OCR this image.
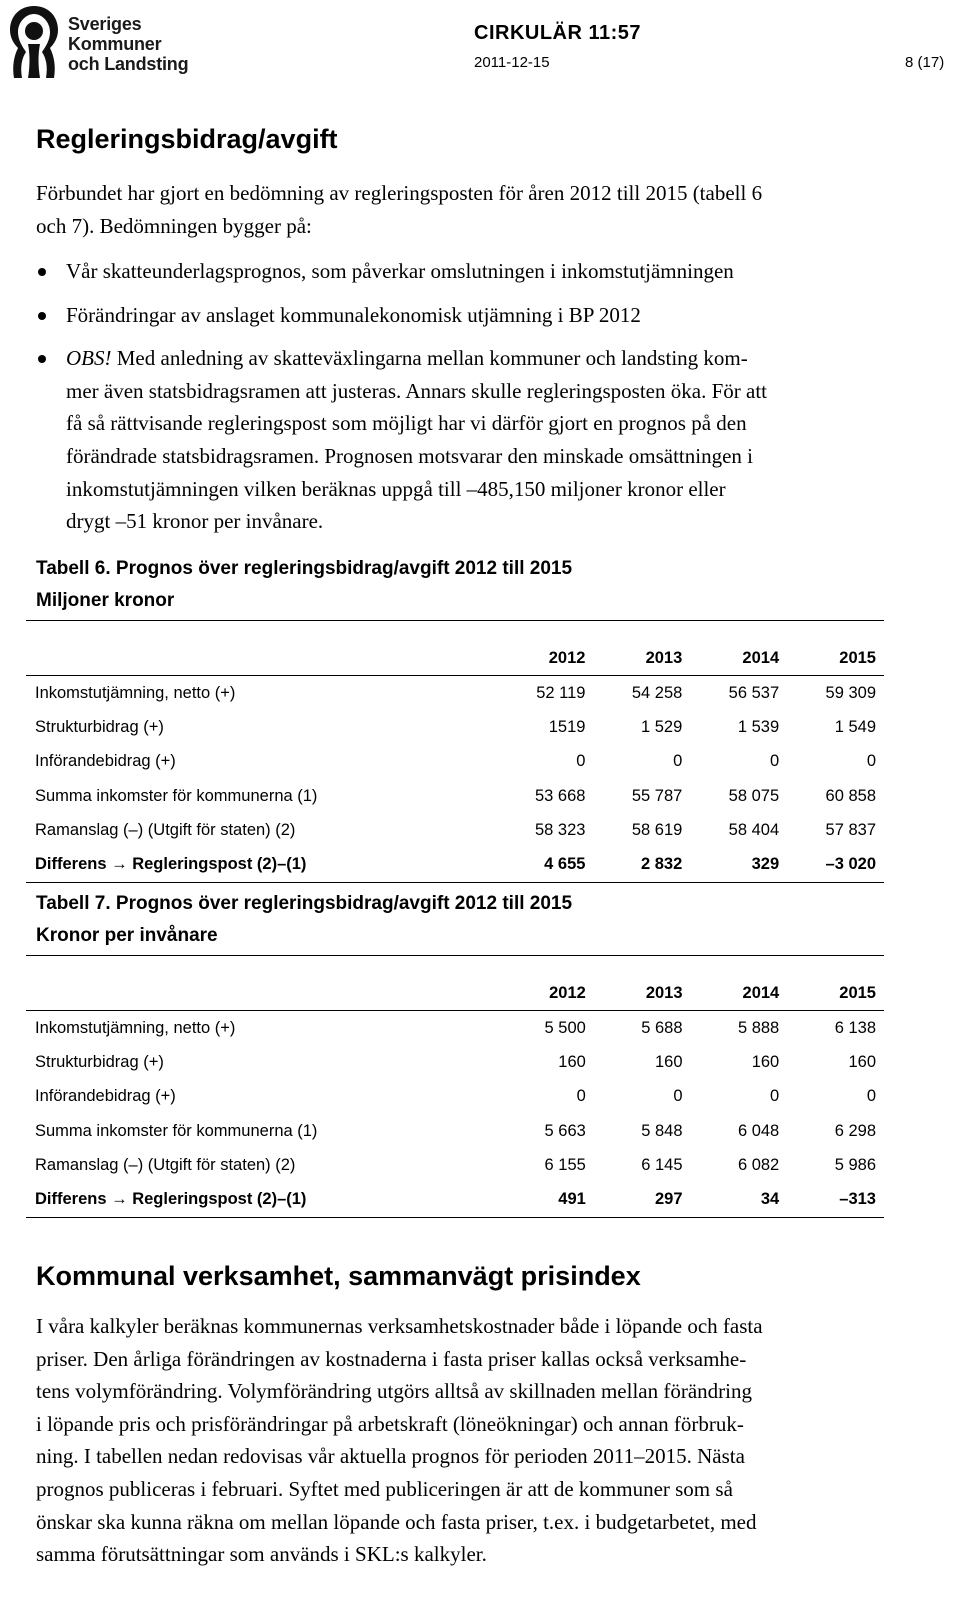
Sveriges
Kommuner
och Landsting
CIRKULÄR 11:57
2011-12-15	8 (17)
Regleringsbidrag/avgift
Förbundet har gjort en bedömning av regleringsposten för åren 2012 till 2015 (tabell 6
och 7). Bedömningen bygger på:
Vår skatteunderlagsprognos, som påverkar omslutningen i inkomstutjämningen
Förändringar av anslaget kommunalekonomisk utjämning i BP 2012
OBS! Med anledning av skatteväxlingarna mellan kommuner och landsting kom-
mer även statsbidragsramen att justeras. Annars skulle regleringsposten öka. För att
få så rättvisande regleringspost som möjligt har vi därför gjort en prognos på den
förändrade statsbidragsramen. Prognosen motsvarar den minskade omsättningen i
inkomstutjämningen vilken beräknas uppgå till –485,150 miljoner kronor eller
drygt –51 kronor per invånare.
Tabell 6. Prognos över regleringsbidrag/avgift 2012 till 2015
Miljoner kronor
	2012	2013	2014	2015
Inkomstutjämning, netto (+)	52 119	54 258	56 537	59 309
Strukturbidrag (+)	1519	1 529	1 539	1 549
Införandebidrag (+)	0	0	0	0
Summa inkomster för kommunerna (1)	53 668	55 787	58 075	60 858
Ramanslag (–) (Utgift för staten) (2)	58 323	58 619	58 404	57 837
Differens → Regleringspost (2)–(1)	4 655	2 832	329	–3 020
Tabell 7. Prognos över regleringsbidrag/avgift 2012 till 2015
Kronor per invånare
	2012	2013	2014	2015
Inkomstutjämning, netto (+)	5 500	5 688	5 888	6 138
Strukturbidrag (+)	160	160	160	160
Införandebidrag (+)	0	0	0	0
Summa inkomster för kommunerna (1)	5 663	5 848	6 048	6 298
Ramanslag (–) (Utgift för staten) (2)	6 155	6 145	6 082	5 986
Differens → Regleringspost (2)–(1)	491	297	34	–313
Kommunal verksamhet, sammanvägt prisindex
I våra kalkyler beräknas kommunernas verksamhetskostnader både i löpande och fasta
priser. Den årliga förändringen av kostnaderna i fasta priser kallas också verksamhe-
tens volymförändring. Volymförändring utgörs alltså av skillnaden mellan förändring
i löpande pris och prisförändringar på arbetskraft (löneökningar) och annan förbruk-
ning. I tabellen nedan redovisas vår aktuella prognos för perioden 2011–2015. Nästa
prognos publiceras i februari. Syftet med publiceringen är att de kommuner som så
önskar ska kunna räkna om mellan löpande och fasta priser, t.ex. i budgetarbetet, med
samma förutsättningar som används i SKL:s kalkyler.
